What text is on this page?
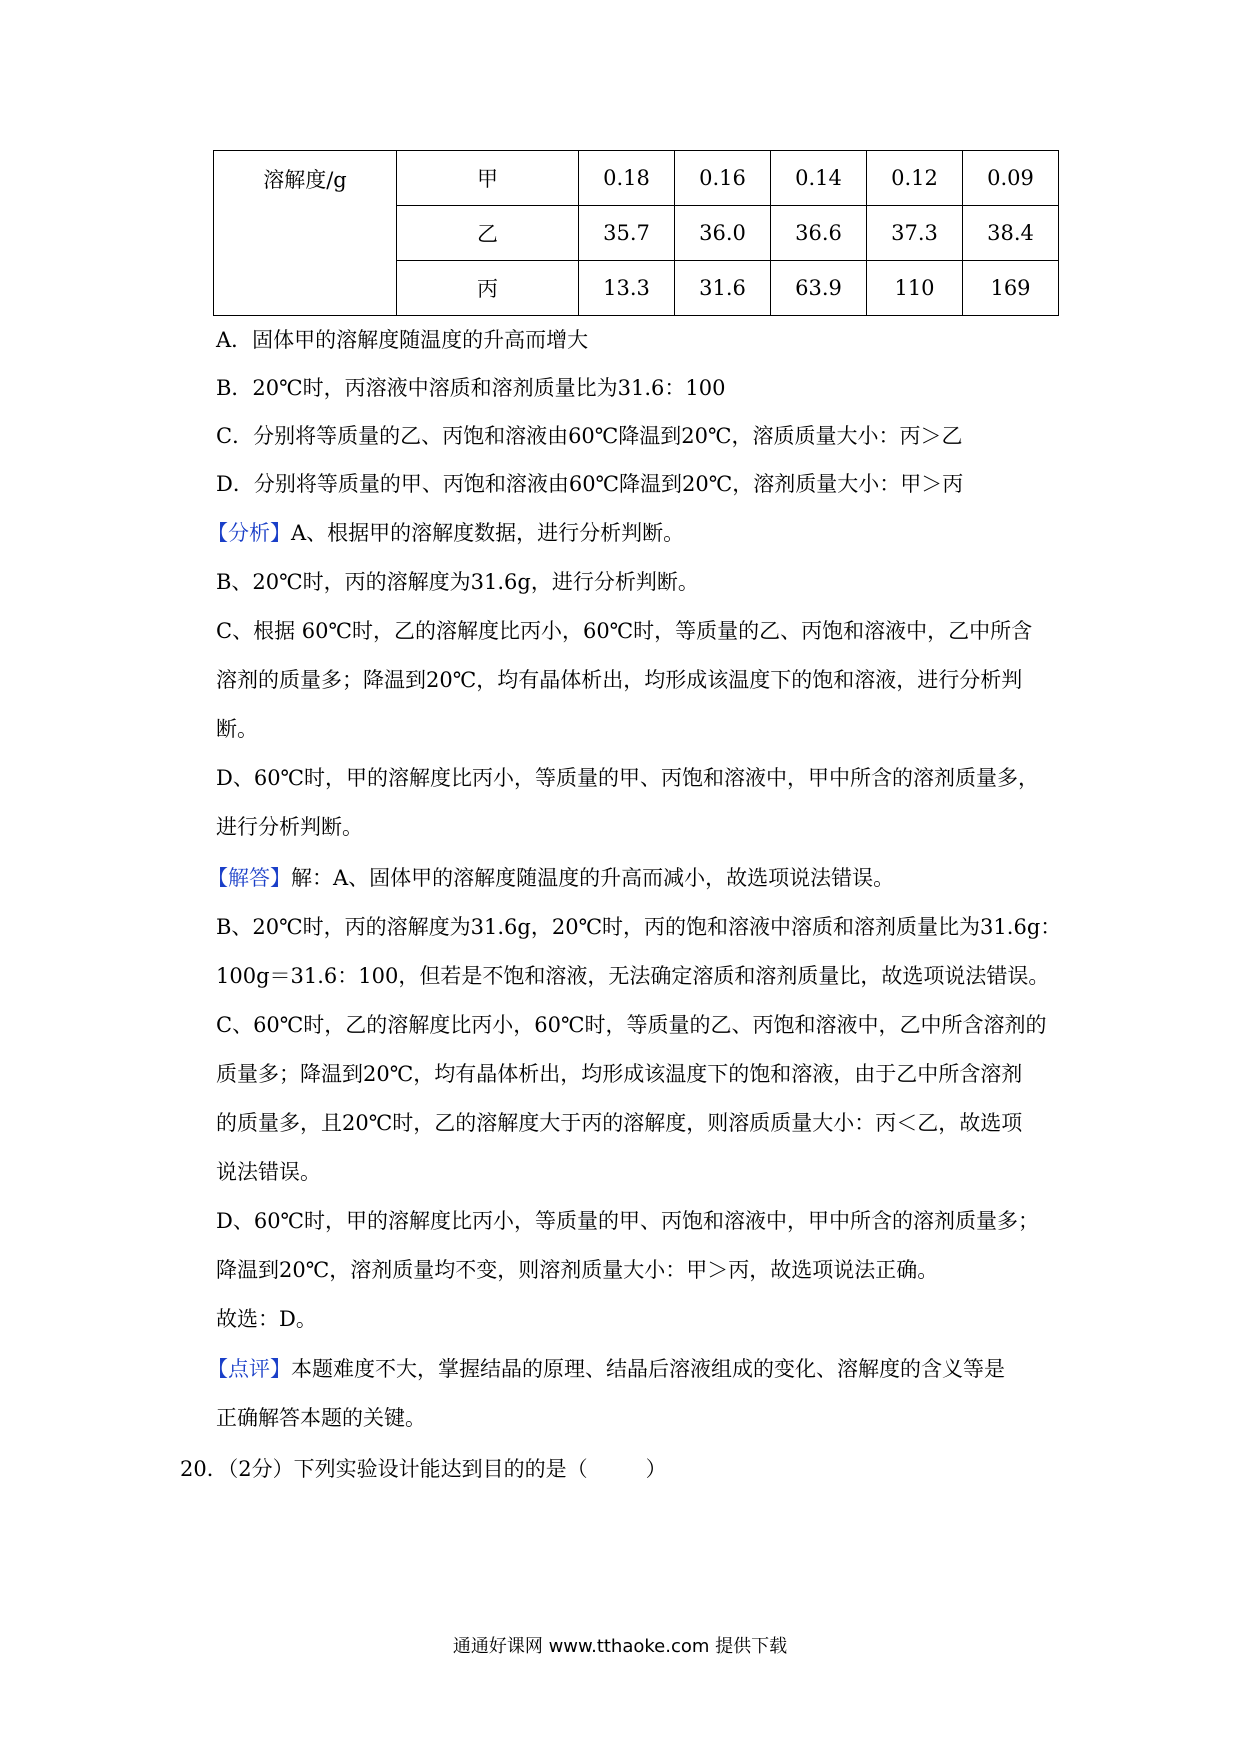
溶解度/g	甲	0.18	0.16	0.14	0.12	0.09
	乙	35.7	36.0	36.6	37.3	38.4
	丙	13.3	31.6	63.9	110	169
A．固体甲的溶解度随温度的升高而增大
B．20℃时，丙溶液中溶质和溶剂质量比为31.6：100
C．分别将等质量的乙、丙饱和溶液由60℃降温到20℃，溶质质量大小：丙＞乙
D．分别将等质量的甲、丙饱和溶液由60℃降温到20℃，溶剂质量大小：甲＞丙
【分析】A、根据甲的溶解度数据，进行分析判断。
B、20℃时，丙的溶解度为31.6g，进行分析判断。
C、根据 60℃时，乙的溶解度比丙小，60℃时，等质量的乙、丙饱和溶液中，乙中所含
溶剂的质量多；降温到20℃，均有晶体析出，均形成该温度下的饱和溶液，进行分析判
断。
D、60℃时，甲的溶解度比丙小，等质量的甲、丙饱和溶液中，甲中所含的溶剂质量多，
进行分析判断。
【解答】解：A、固体甲的溶解度随温度的升高而减小，故选项说法错误。
B、20℃时，丙的溶解度为31.6g，20℃时，丙的饱和溶液中溶质和溶剂质量比为31.6g：
100g＝31.6：100，但若是不饱和溶液，无法确定溶质和溶剂质量比，故选项说法错误。
C、60℃时，乙的溶解度比丙小，60℃时，等质量的乙、丙饱和溶液中，乙中所含溶剂的
质量多；降温到20℃，均有晶体析出，均形成该温度下的饱和溶液，由于乙中所含溶剂
的质量多，且20℃时，乙的溶解度大于丙的溶解度，则溶质质量大小：丙＜乙，故选项
说法错误。
D、60℃时，甲的溶解度比丙小，等质量的甲、丙饱和溶液中，甲中所含的溶剂质量多；
降温到20℃，溶剂质量均不变，则溶剂质量大小：甲＞丙，故选项说法正确。
故选：D。
【点评】本题难度不大，掌握结晶的原理、结晶后溶液组成的变化、溶解度的含义等是
正确解答本题的关键。
20．（2分）下列实验设计能达到目的的是（	）
通通好课网 www.tthaoke.com 提供下载
